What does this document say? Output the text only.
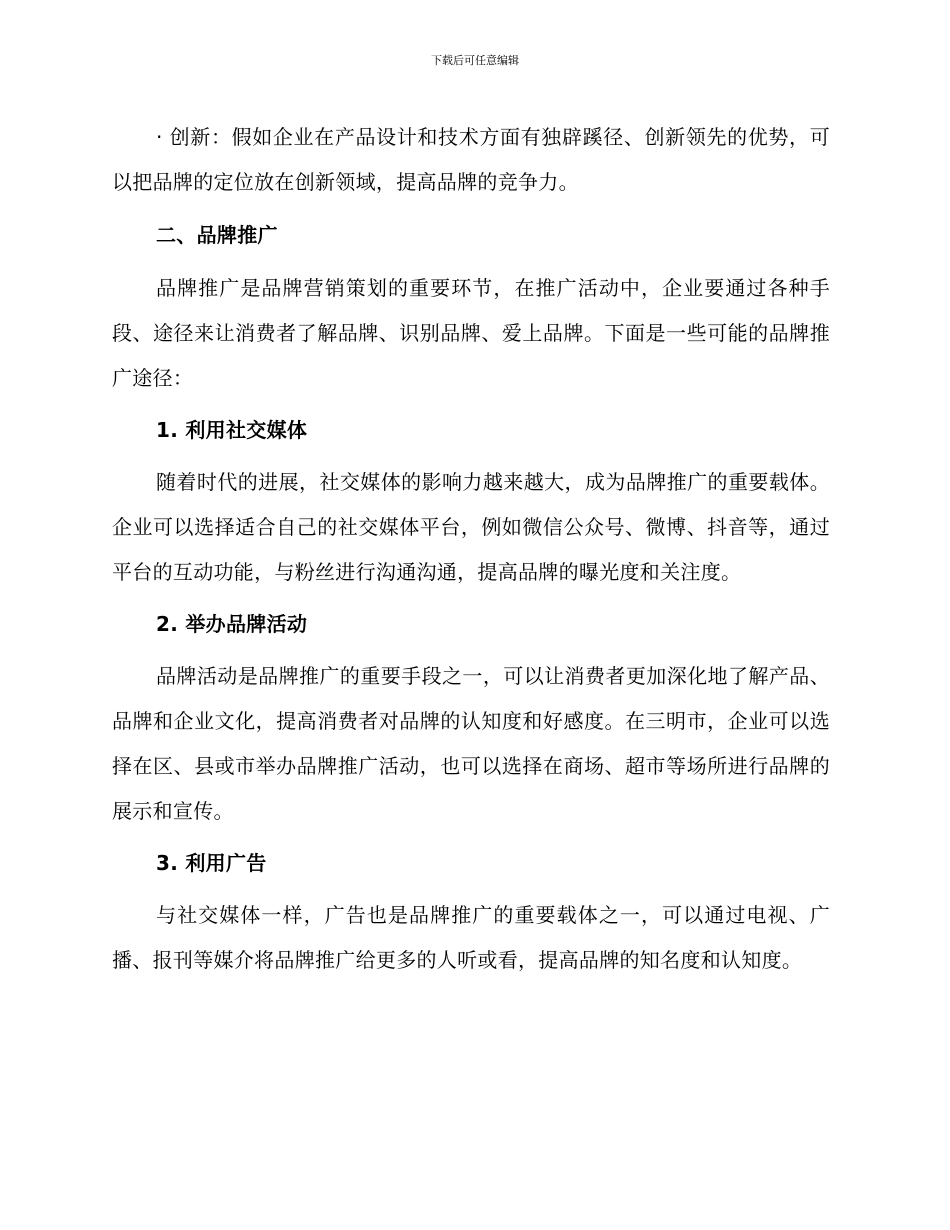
下载后可任意编辑

· 创新：假如企业在产品设计和技术方面有独辟蹊径、创新领先的优势，可以把品牌的定位放在创新领域，提高品牌的竞争力。

二、品牌推广

品牌推广是品牌营销策划的重要环节，在推广活动中，企业要通过各种手段、途径来让消费者了解品牌、识别品牌、爱上品牌。下面是一些可能的品牌推广途径：

1. 利用社交媒体

随着时代的进展，社交媒体的影响力越来越大，成为品牌推广的重要载体。企业可以选择适合自己的社交媒体平台，例如微信公众号、微博、抖音等，通过平台的互动功能，与粉丝进行沟通沟通，提高品牌的曝光度和关注度。

2. 举办品牌活动

品牌活动是品牌推广的重要手段之一，可以让消费者更加深化地了解产品、品牌和企业文化，提高消费者对品牌的认知度和好感度。在三明市，企业可以选择在区、县或市举办品牌推广活动，也可以选择在商场、超市等场所进行品牌的展示和宣传。

3. 利用广告

与社交媒体一样，广告也是品牌推广的重要载体之一，可以通过电视、广播、报刊等媒介将品牌推广给更多的人听或看，提高品牌的知名度和认知度。
